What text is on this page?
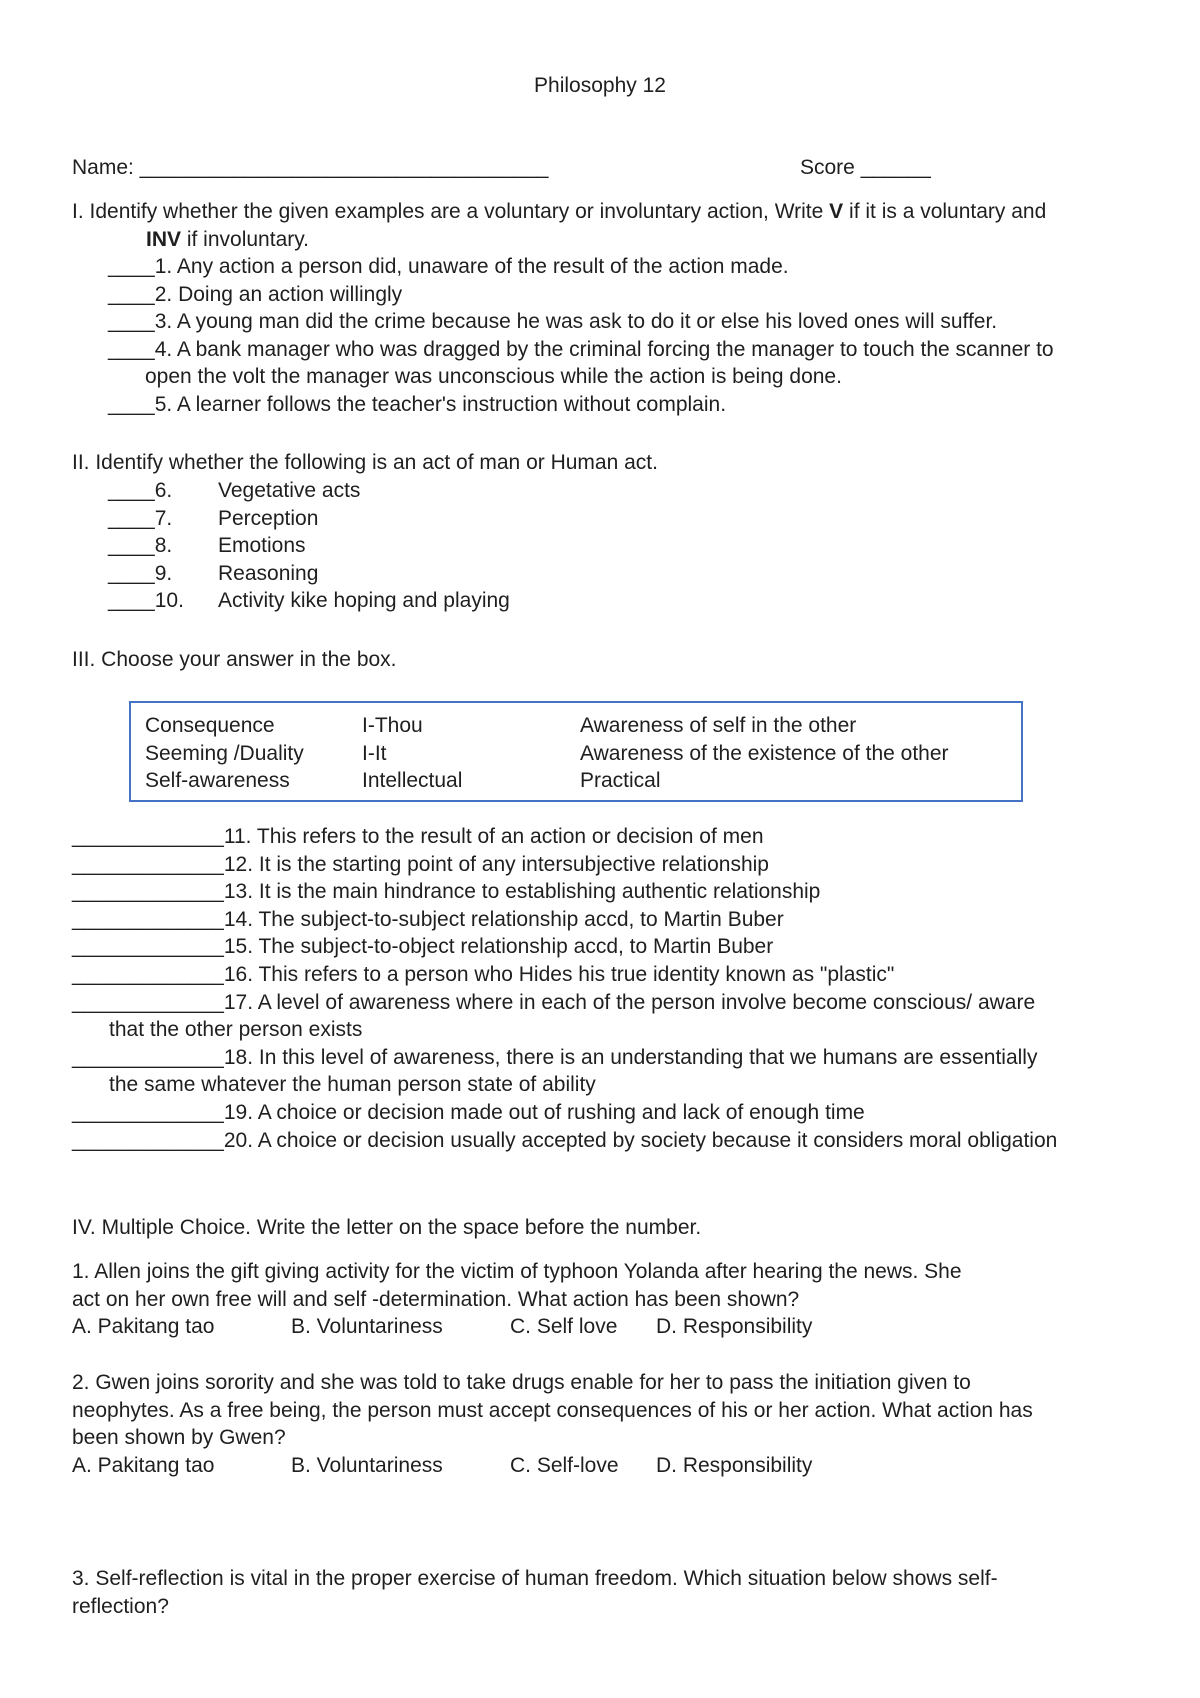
Philosophy 12
Name: ___________________________________	Score ______
I. Identify whether the given examples are a voluntary or involuntary action, Write V if it is a voluntary and
INV if involuntary.
____1. Any action a person did, unaware of the result of the action made.
____2. Doing an action willingly
____3. A young man did the crime because he was ask to do it or else his loved ones will suffer.
____4. A bank manager who was dragged by the criminal forcing the manager to touch the scanner to
open the volt the manager was unconscious while the action is being done.
____5. A learner follows the teacher's instruction without complain.
II. Identify whether the following is an act of man or Human act.
____6.	Vegetative acts
____7.	Perception
____8.	Emotions
____9.	Reasoning
____10.	Activity kike hoping and playing
III. Choose your answer in the box.
Consequence	I-Thou	Awareness of self in the other
Seeming /Duality	I-It	Awareness of the existence of the other
Self-awareness	Intellectual	Practical
_____________11. This refers to the result of an action or decision of men
_____________12. It is the starting point of any intersubjective relationship
_____________13. It is the main hindrance to establishing authentic relationship
_____________14. The subject-to-subject relationship accd, to Martin Buber
_____________15. The subject-to-object relationship accd, to Martin Buber
_____________16. This refers to a person who Hides his true identity known as "plastic"
_____________17. A level of awareness where in each of the person involve become conscious/ aware
that the other person exists
_____________18. In this level of awareness, there is an understanding that we humans are essentially
the same whatever the human person state of ability
_____________19. A choice or decision made out of rushing and lack of enough time
_____________20. A choice or decision usually accepted by society because it considers moral obligation
IV. Multiple Choice. Write the letter on the space before the number.
1. Allen joins the gift giving activity for the victim of typhoon Yolanda after hearing the news. She
act on her own free will and self -determination. What action has been shown?
A. Pakitang tao	B. Voluntariness	C. Self love	D. Responsibility
2. Gwen joins sorority and she was told to take drugs enable for her to pass the initiation given to
neophytes. As a free being, the person must accept consequences of his or her action. What action has
been shown by Gwen?
A. Pakitang tao	B. Voluntariness	C. Self-love	D. Responsibility
3. Self-reflection is vital in the proper exercise of human freedom. Which situation below shows self-
reflection?
